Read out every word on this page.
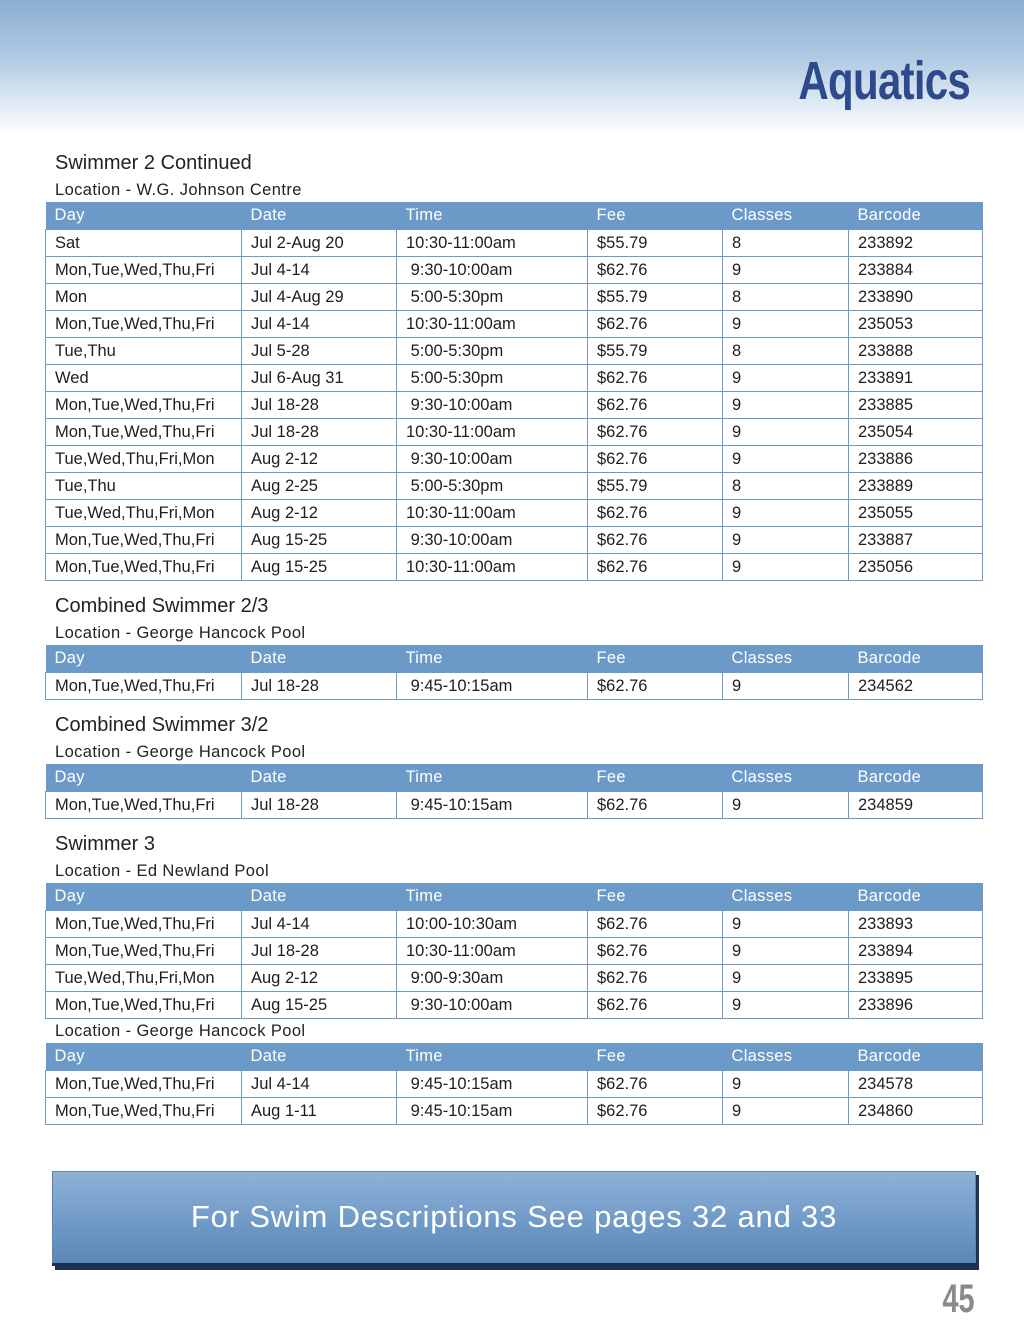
Aquatics
Swimmer 2 Continued
Location - W.G. Johnson Centre
Day	Date	Time	Fee	Classes	Barcode
Sat	Jul 2-Aug 20	10:30-11:00am	$55.79	8	233892
Mon,Tue,Wed,Thu,Fri	Jul 4-14	9:30-10:00am	$62.76	9	233884
Mon	Jul 4-Aug 29	5:00-5:30pm	$55.79	8	233890
Mon,Tue,Wed,Thu,Fri	Jul 4-14	10:30-11:00am	$62.76	9	235053
Tue,Thu	Jul 5-28	5:00-5:30pm	$55.79	8	233888
Wed	Jul 6-Aug 31	5:00-5:30pm	$62.76	9	233891
Mon,Tue,Wed,Thu,Fri	Jul 18-28	9:30-10:00am	$62.76	9	233885
Mon,Tue,Wed,Thu,Fri	Jul 18-28	10:30-11:00am	$62.76	9	235054
Tue,Wed,Thu,Fri,Mon	Aug 2-12	9:30-10:00am	$62.76	9	233886
Tue,Thu	Aug 2-25	5:00-5:30pm	$55.79	8	233889
Tue,Wed,Thu,Fri,Mon	Aug 2-12	10:30-11:00am	$62.76	9	235055
Mon,Tue,Wed,Thu,Fri	Aug 15-25	9:30-10:00am	$62.76	9	233887
Mon,Tue,Wed,Thu,Fri	Aug 15-25	10:30-11:00am	$62.76	9	235056
Combined Swimmer 2/3
Location - George Hancock Pool
Day	Date	Time	Fee	Classes	Barcode
Mon,Tue,Wed,Thu,Fri	Jul 18-28	9:45-10:15am	$62.76	9	234562
Combined Swimmer 3/2
Location - George Hancock Pool
Day	Date	Time	Fee	Classes	Barcode
Mon,Tue,Wed,Thu,Fri	Jul 18-28	9:45-10:15am	$62.76	9	234859
Swimmer 3
Location - Ed Newland Pool
Day	Date	Time	Fee	Classes	Barcode
Mon,Tue,Wed,Thu,Fri	Jul 4-14	10:00-10:30am	$62.76	9	233893
Mon,Tue,Wed,Thu,Fri	Jul 18-28	10:30-11:00am	$62.76	9	233894
Tue,Wed,Thu,Fri,Mon	Aug 2-12	9:00-9:30am	$62.76	9	233895
Mon,Tue,Wed,Thu,Fri	Aug 15-25	9:30-10:00am	$62.76	9	233896
Location - George Hancock Pool
Day	Date	Time	Fee	Classes	Barcode
Mon,Tue,Wed,Thu,Fri	Jul 4-14	9:45-10:15am	$62.76	9	234578
Mon,Tue,Wed,Thu,Fri	Aug 1-11	9:45-10:15am	$62.76	9	234860
For Swim Descriptions See pages 32 and 33
45
